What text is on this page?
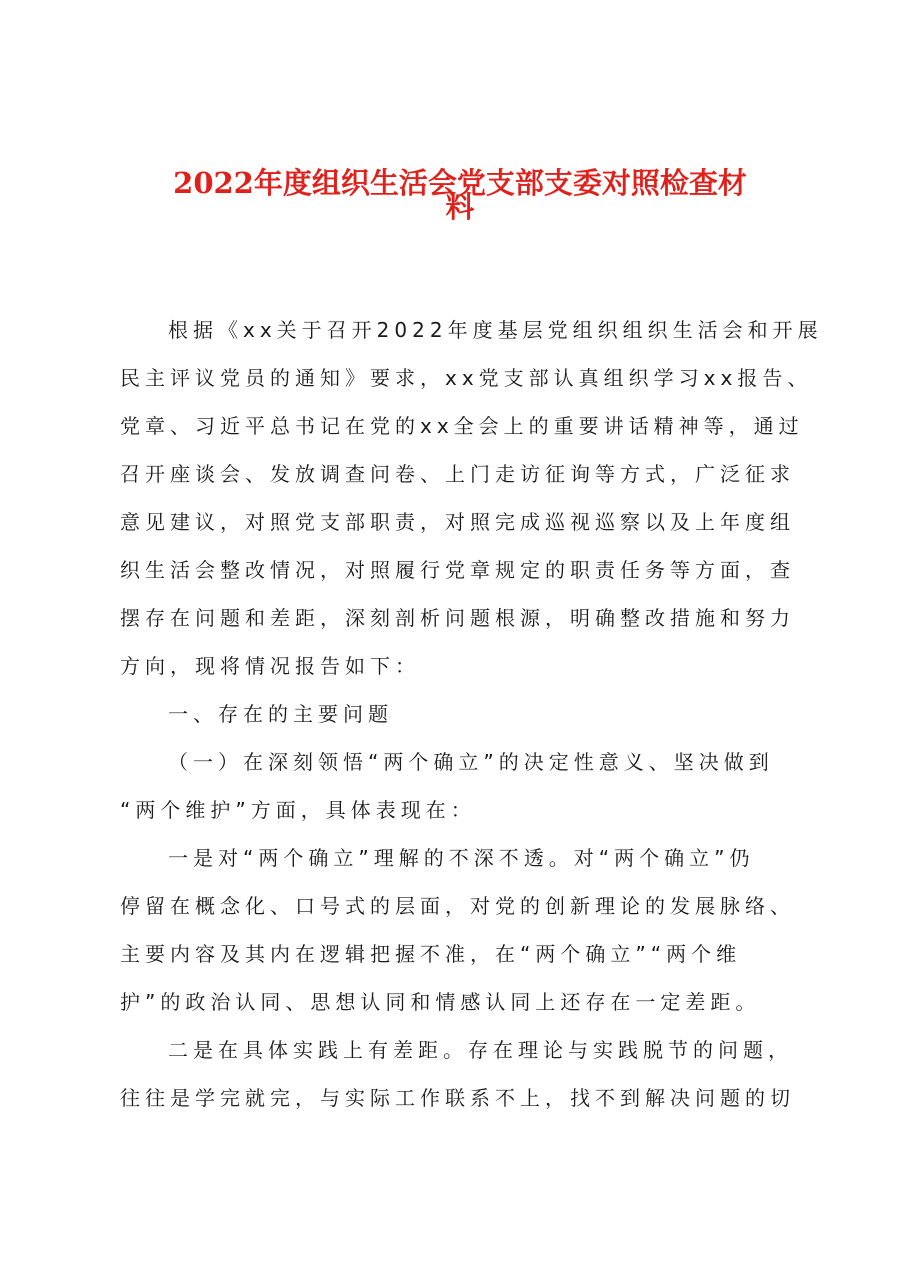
2022年度组织生活会党支部支委对照检查材
料
根据《xx关于召开2022年度基层党组织组织生活会和开展
民主评议党员的通知》要求，xx党支部认真组织学习xx报告、
党章、习近平总书记在党的xx全会上的重要讲话精神等，通过
召开座谈会、发放调查问卷、上门走访征询等方式，广泛征求
意见建议，对照党支部职责，对照完成巡视巡察以及上年度组
织生活会整改情况，对照履行党章规定的职责任务等方面，查
摆存在问题和差距，深刻剖析问题根源，明确整改措施和努力
方向，现将情况报告如下：
一、存在的主要问题
（一）在深刻领悟“两个确立”的决定性意义、坚决做到
“两个维护”方面，具体表现在：
一是对“两个确立”理解的不深不透。对“两个确立”仍
停留在概念化、口号式的层面，对党的创新理论的发展脉络、
主要内容及其内在逻辑把握不准，在“两个确立”“两个维
护”的政治认同、思想认同和情感认同上还存在一定差距。
二是在具体实践上有差距。存在理论与实践脱节的问题，
往往是学完就完，与实际工作联系不上，找不到解决问题的切
